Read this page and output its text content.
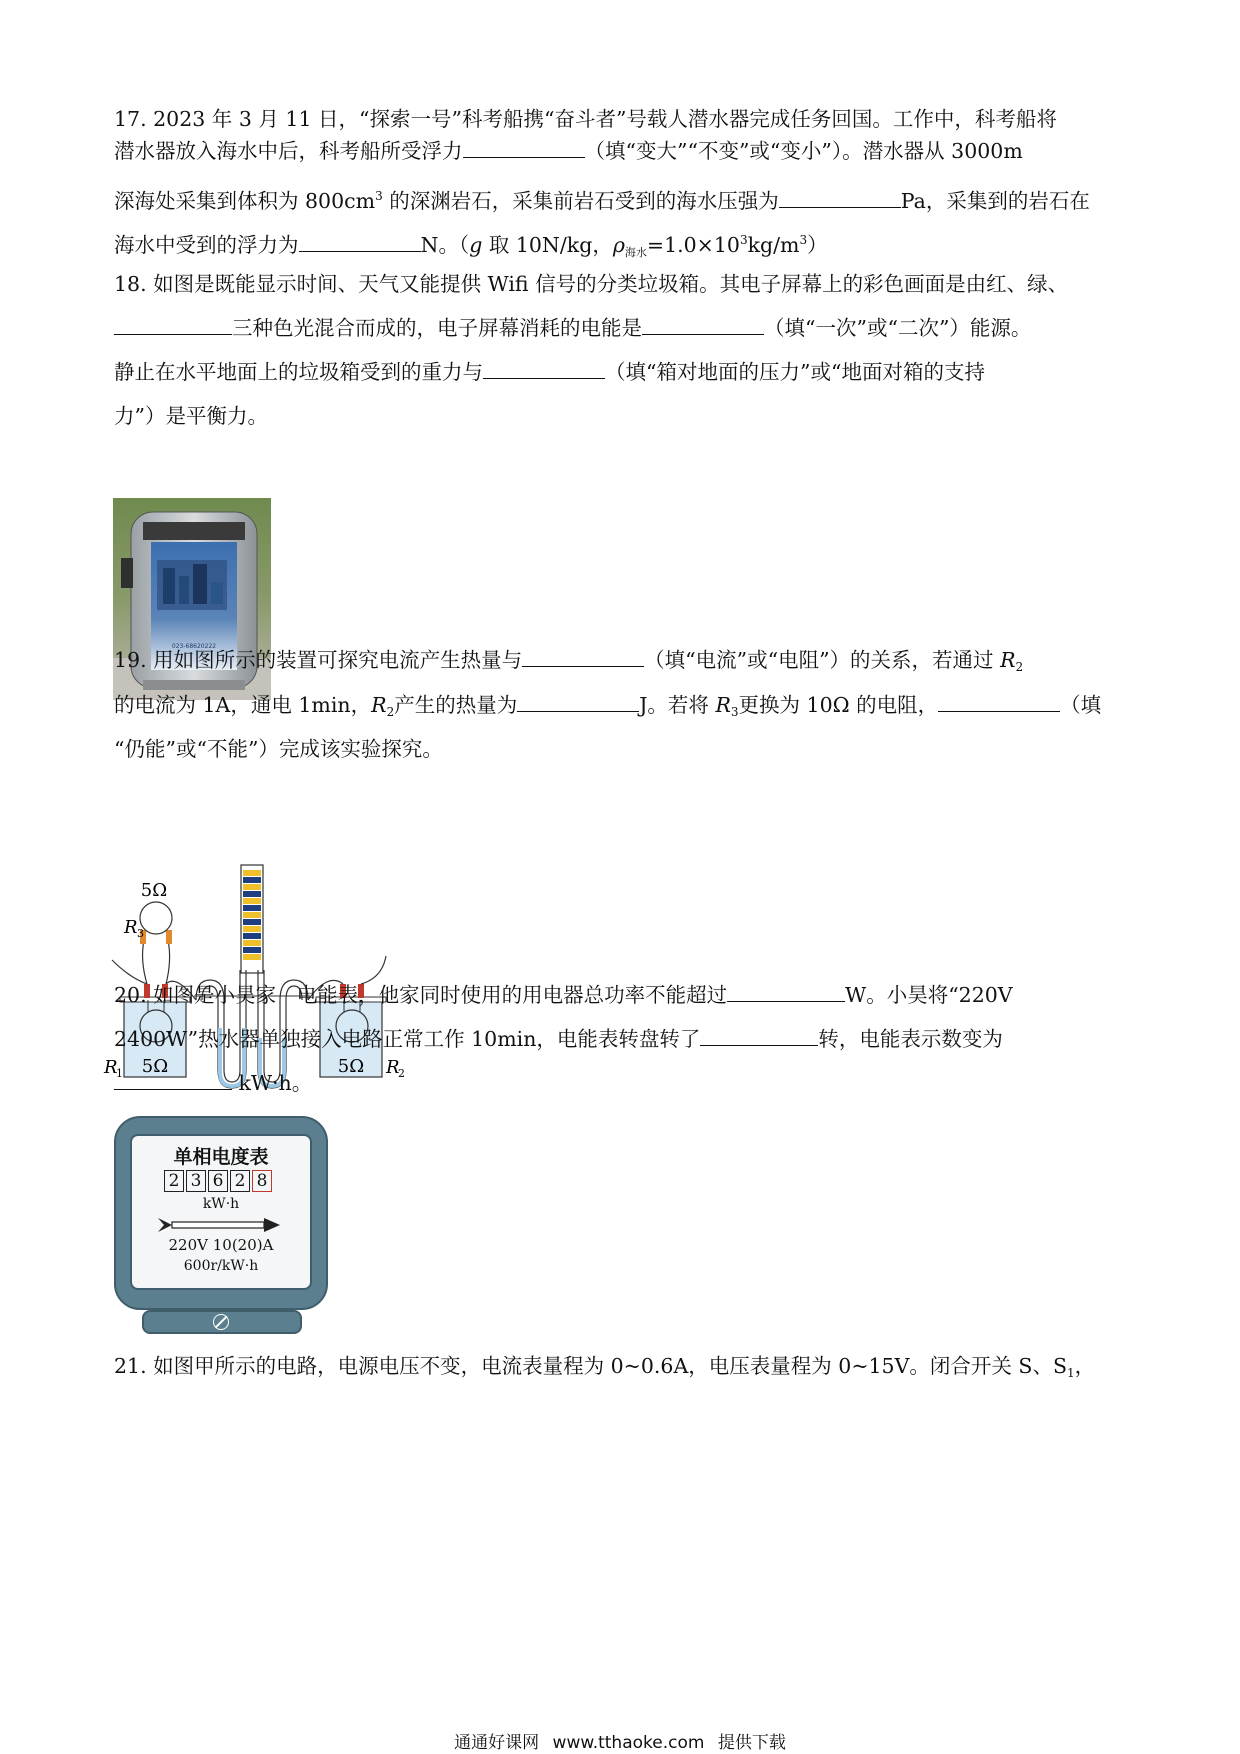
17. 2023 年 3 月 11 日，“探索一号”科考船携“奋斗者”号载人潜水器完成任务回国。工作中，科考船将
潜水器放入海水中后，科考船所受浮力	（填“变大”“不变”或“变小”）。潜水器从 3000m
深海处采集到体积为 $800cm^3$ 的深渊岩石，采集前岩石受到的海水压强为	Pa，采集到的岩石在
海水中受到的浮力为	N。（g 取 10N/kg，$\rho_{海水}=1.0\times 10^3kg/m^3$）
18. 如图是既能显示时间、天气又能提供 Wifi 信号的分类垃圾箱。其电子屏幕上的彩色画面是由红、绿、
三种色光混合而成的，电子屏幕消耗的电能是	（填“一次”或“二次”）能源。
静止在水平地面上的垃圾箱受到的重力与	（填“箱对地面的压力”或“地面对箱的支持
力”）是平衡力。
023-68620222
19. 用如图所示的装置可探究电流产生热量与	（填“电流”或“电阻”）的关系，若通过 $R_2$
的电流为 1A，通电 1min，$R_2$产生的热量为	J。若将 $R_3$更换为 10Ω 的电阻，	（填
“仍能”或“不能”）完成该实验探究。
5Ω
R 3
5Ω
R
1	5Ω R
2
20. 如图是小昊家　电能表，他家同时使用的用电器总功率不能超过	W。小昊将“220V
2400W”热水器单独接入电路正常工作 10min，电能表转盘转了	转，电能表示数变为
kW·h。
单相电度表
2 3 6 2 8
kW·h
220V 10(20)A
600r/kW·h
21. 如图甲所示的电路，电源电压不变，电流表量程为 0~0.6A，电压表量程为 0~15V。闭合开关 S、$S_1$，
通通好课网 www.tthaoke.com 提供下载
